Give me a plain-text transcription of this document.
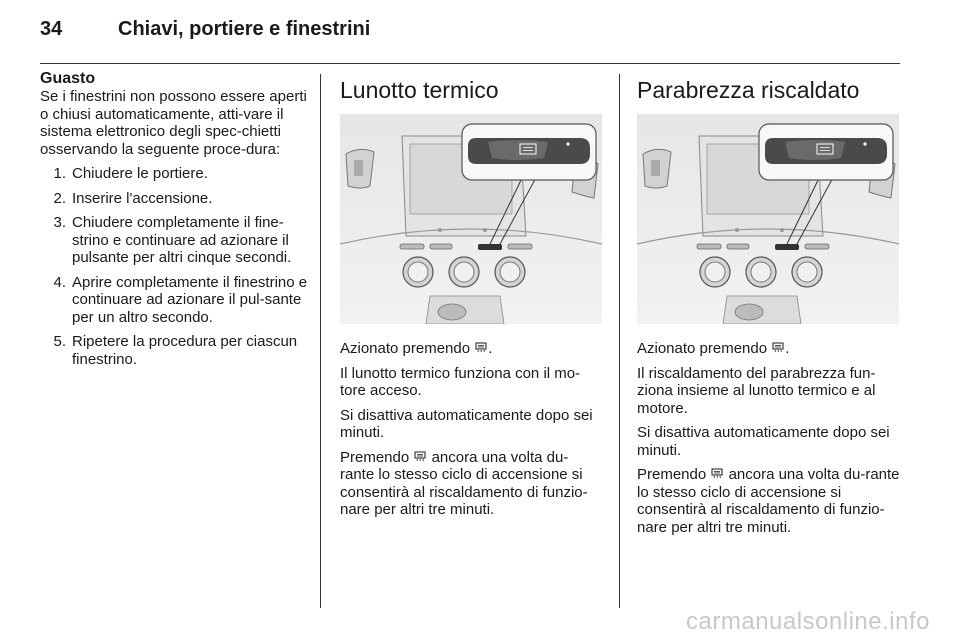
34	Chiavi, portiere e finestrini
Guasto

Se i finestrini non possono essere aperti o chiusi automaticamente, atti-vare il sistema elettronico degli spec-chietti osservando la seguente proce-dura:

1. Chiudere le portiere.
2. Inserire l'accensione.
3. Chiudere completamente il fine-strino e continuare ad azionare il pulsante per altri cinque secondi.
4. Aprire completamente il finestrino e continuare ad azionare il pul-sante per un altro secondo.
5. Ripetere la procedura per ciascun finestrino.
Lunotto termico

Azionato premendo .

Il lunotto termico funziona con il mo-tore acceso.

Si disattiva automaticamente dopo sei minuti.

Premendo ancora una volta du-rante lo stesso ciclo di accensione si consentirà al riscaldamento di funzio-nare per altri tre minuti.

Parabrezza riscaldato

Azionato premendo .

Il riscaldamento del parabrezza fun-ziona insieme al lunotto termico e al motore.

Si disattiva automaticamente dopo sei minuti.

Premendo ancora una volta du-rante lo stesso ciclo di accensione si consentirà al riscaldamento di funzio-nare per altri tre minuti.

carmanualsonline.info
